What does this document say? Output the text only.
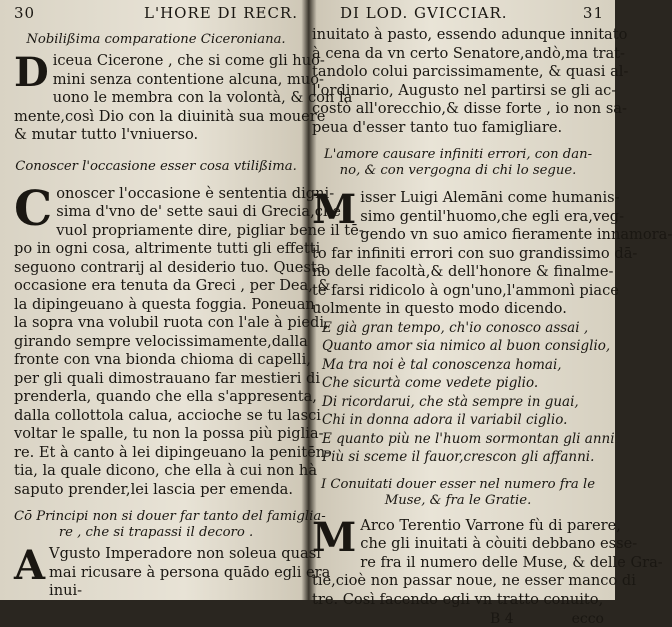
30	L'HORE DI RECR.
Nobilißima comparatione Ciceroniana.
Diceua Cicerone , che si come gli huo-
mini senza contentione alcuna, muo-
uono le membra con la volontà, & con la
mente,così Dio con la diuinità sua mouere
& mutar tutto l'vniuerso.
Conoscer l'occasione esser cosa vtilißima.
Conoscer l'occasione è sententia digni-
sima d'vno de' sette saui di Grecia,che
vuol propriamente dire, pigliar bene il tē-
po in ogni cosa, altrimente tutti gli effetti
seguono contrarij al desiderio tuo. Questa
occasione era tenuta da Greci , per Dea, &
la dipingeuano à questa foggia. Poneuan-
la sopra vna volubil ruota con l'ale à piedi,
girando sempre velocissimamente,dalla
fronte con vna bionda chioma di capelli,
per gli quali dimostrauano far mestieri di
prenderla, quando che ella s'appresenta,
dalla collottola calua, accioche se tu lasci
voltar le spalle, tu non la possa più piglia-
re. Et à canto à lei dipingeuano la penitēn-
tia, la quale dicono, che ella à cui non hà
saputo prender,lei lascia per emenda.
Cō Principi non si douer far tanto del famiglia-
re , che si trapassi il decoro .
A Vgusto Imperadore non soleua quasi
mai ricusare à persona quādo egli era
inui-
DI LOD. GVICCIAR.	31
inuitato à pasto, essendo adunque innitato
à cena da vn certo Senatore,andò,ma trat-
tandolo colui parcissimamente, & quasi al-
l'ordinario, Augusto nel partirsi se gli ac-
costò all'orecchio,& disse forte , io non sa-
peua d'esser tanto tuo famigliare.
L'amore causare infiniti errori, con dan-
no, & con vergogna di chi lo segue.
Misser Luigi Alemāni come humanis-
simo gentil'huomo,che egli era,veg-
gendo vn suo amico fieramente innamora-
to far infiniti errori con suo grandissimo dā-
no delle facoltà,& dell'honore & finalme-
te farsi ridicolo à ogn'uno,l'ammonì piace
uolmente in questo modo dicendo.
E già gran tempo, ch'io conosco assai ,
Quanto amor sia nimico al buon consiglio,
Ma tra noi è tal conoscenza homai,
Che sicurtà come vedete piglio.
Di ricordarui, che stà sempre in guai,
Chi in donna adora il variabil ciglio.
E quanto più ne l'huom sormontan gli anni
Più si sceme il fauor,crescon gli affanni.
I Conuitati douer esser nel numero fra le
Muse, & fra le Gratie.
M Arco Terentio Varrone fù di parere,
che gli inuitati à còuiti debbano esse-
re fra il numero delle Muse, & delle Gra-
tie,cioè non passar noue, ne esser manco di
tre. Così facendo egli vn tratto conuito,
B 4	ecco
